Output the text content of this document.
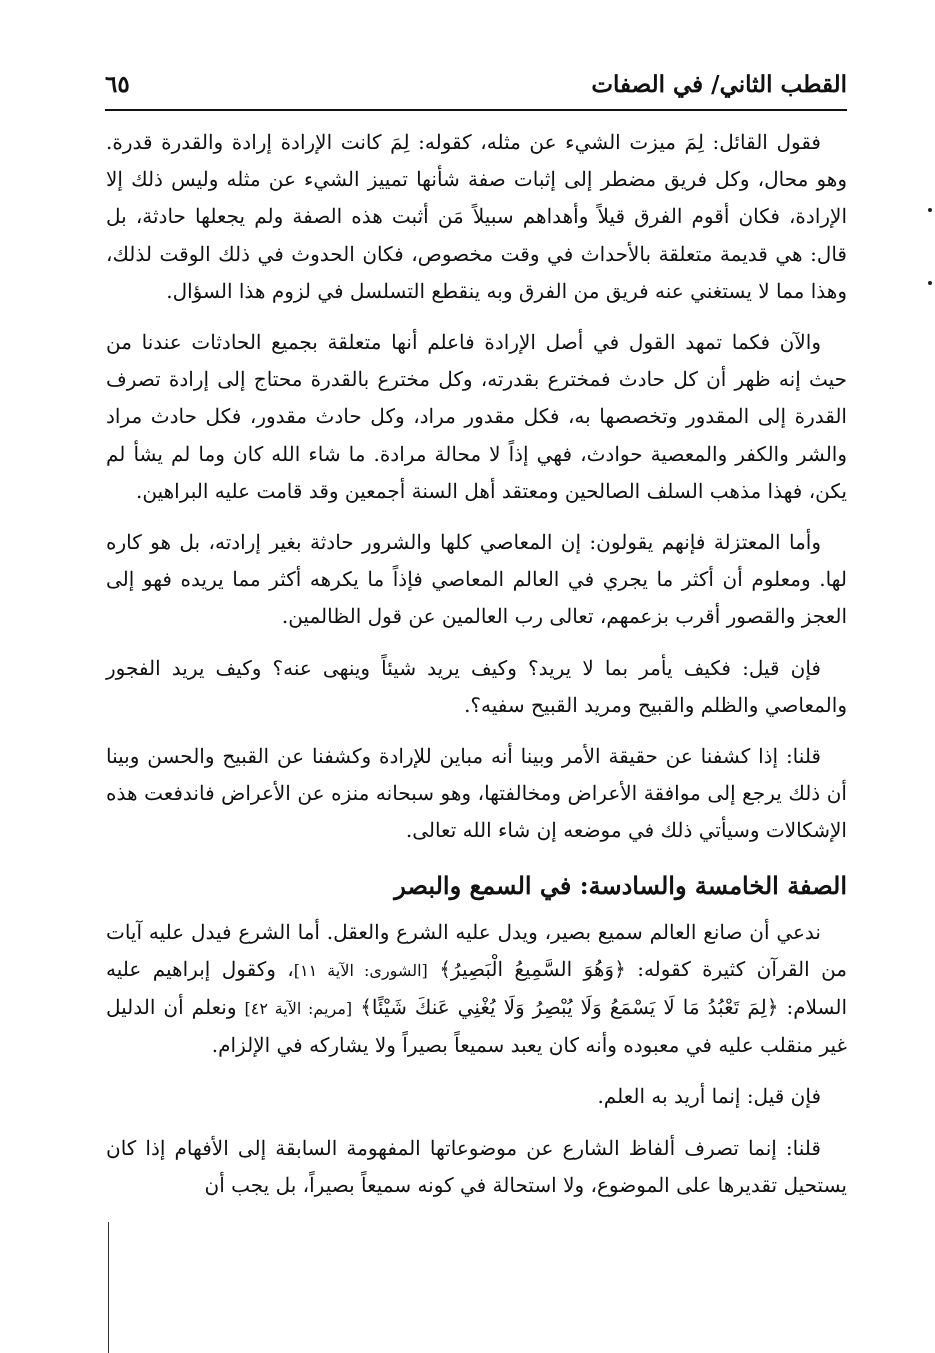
القطب الثاني/ في الصفات
٦٥

فقول القائل: لِمَ ميزت الشيء عن مثله، كقوله: لِمَ كانت الإرادة إرادة والقدرة قدرة. وهو محال، وكل فريق مضطر إلى إثبات صفة شأنها تمييز الشيء عن مثله وليس ذلك إلا الإرادة، فكان أقوم الفرق قيلاً وأهداهم سبيلاً مَن أثبت هذه الصفة ولم يجعلها حادثة، بل قال: هي قديمة متعلقة بالأحداث في وقت مخصوص، فكان الحدوث في ذلك الوقت لذلك، وهذا مما لا يستغني عنه فريق من الفرق وبه ينقطع التسلسل في لزوم هذا السؤال.

والآن فكما تمهد القول في أصل الإرادة فاعلم أنها متعلقة بجميع الحادثات عندنا من حيث إنه ظهر أن كل حادث فمخترع بقدرته، وكل مخترع بالقدرة محتاج إلى إرادة تصرف القدرة إلى المقدور وتخصصها به، فكل مقدور مراد، وكل حادث مقدور، فكل حادث مراد والشر والكفر والمعصية حوادث، فهي إذاً لا محالة مرادة. ما شاء الله كان وما لم يشأ لم يكن، فهذا مذهب السلف الصالحين ومعتقد أهل السنة أجمعين وقد قامت عليه البراهين.

وأما المعتزلة فإنهم يقولون: إن المعاصي كلها والشرور حادثة بغير إرادته، بل هو كاره لها. ومعلوم أن أكثر ما يجري في العالم المعاصي فإذاً ما يكرهه أكثر مما يريده فهو إلى العجز والقصور أقرب بزعمهم، تعالى رب العالمين عن قول الظالمين.

فإن قيل: فكيف يأمر بما لا يريد؟ وكيف يريد شيئاً وينهى عنه؟ وكيف يريد الفجور والمعاصي والظلم والقبيح ومريد القبيح سفيه؟.

قلنا: إذا كشفنا عن حقيقة الأمر وبينا أنه مباين للإرادة وكشفنا عن القبيح والحسن وبينا أن ذلك يرجع إلى موافقة الأعراض ومخالفتها، وهو سبحانه منزه عن الأعراض فاندفعت هذه الإشكالات وسيأتي ذلك في موضعه إن شاء الله تعالى.

الصفة الخامسة والسادسة: في السمع والبصر

ندعي أن صانع العالم سميع بصير، ويدل عليه الشرع والعقل. أما الشرع فيدل عليه آيات من القرآن كثيرة كقوله: ﴿وَهُوَ السَّمِيعُ الْبَصِيرُ﴾ [الشورى: الآية ١١]، وكقول إبراهيم عليه السلام: ﴿لِمَ تَعْبُدُ مَا لَا يَسْمَعُ وَلَا يُبْصِرُ وَلَا يُغْنِي عَنكَ شَيْئًا﴾ [مريم: الآية ٤٢] ونعلم أن الدليل غير منقلب عليه في معبوده وأنه كان يعبد سميعاً بصيراً ولا يشاركه في الإلزام.

فإن قيل: إنما أريد به العلم.

قلنا: إنما تصرف ألفاظ الشارع عن موضوعاتها المفهومة السابقة إلى الأفهام إذا كان يستحيل تقديرها على الموضوع، ولا استحالة في كونه سميعاً بصيراً، بل يجب أن
